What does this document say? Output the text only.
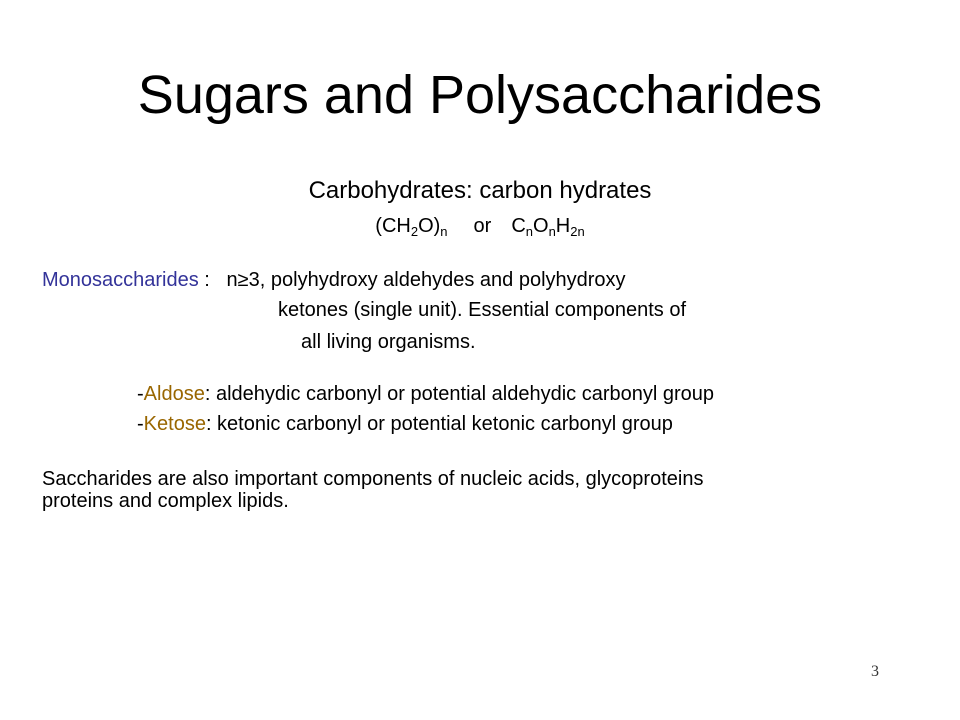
Sugars and Polysaccharides
Carbohydrates: carbon hydrates
$(CH_2O)_n$ or $C_nO_nH_{2n}$
Monosaccharides :   n≥3, polyhydroxy aldehydes and polyhydroxy
ketones (single unit). Essential components of
all living organisms.
-Aldose: aldehydic carbonyl or potential aldehydic carbonyl group
-Ketose: ketonic carbonyl or potential ketonic carbonyl group
Saccharides are also important components of nucleic acids, glycoproteins
proteins and complex lipids.
3
